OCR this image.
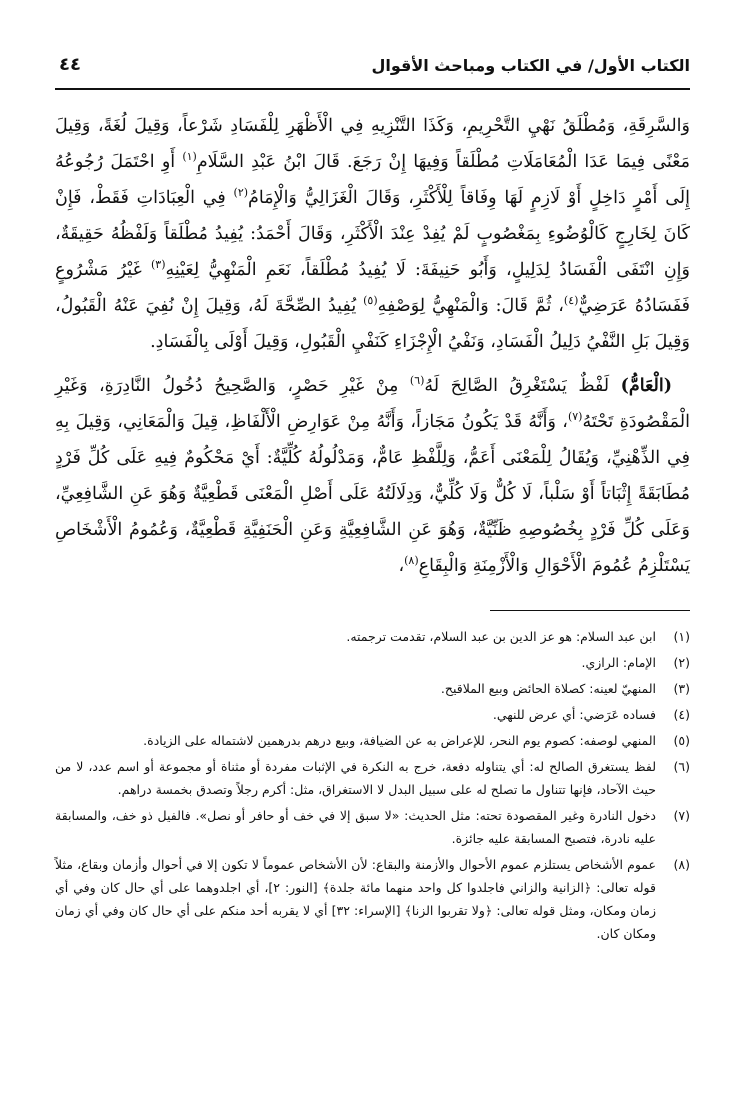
الكتاب الأول/ في الكتاب ومباحث الأقوال
٤٤

وَالسَّرِقَةِ، وَمُطْلَقُ نَهْيِ التَّحْرِيمِ، وَكَذَا التَّنْزِيهِ فِي الْأَظْهَرِ لِلْفَسَادِ شَرْعاً، وَقِيلَ لُغَةً، وَقِيلَ مَعْنًى فِيمَا عَدَا الْمُعَامَلَاتِ مُطْلَقاً وَفِيهَا إِنْ رَجَعَ. قَالَ ابْنُ عَبْدِ السَّلَامِ$^{(١)}$ أَوِ احْتَمَلَ رُجُوعُهُ إِلَى أَمْرٍ دَاخِلٍ أَوْ لَازِمٍ لَهَا وِفَاقاً لِلْأَكْثَرِ، وَقَالَ الْغَزَالِيُّ وَالْإِمَامُ$^{(٢)}$ فِي الْعِبَادَاتِ فَقَطْ، فَإِنْ كَانَ لِخَارِجٍ كَالْوُضُوءِ بِمَغْصُوبٍ لَمْ يُفِدْ عِنْدَ الْأَكْثَرِ، وَقَالَ أَحْمَدُ: يُفِيدُ مُطْلَقاً وَلَفْظُهُ حَقِيقَةٌ، وَإِنِ انْتَفَى الْفَسَادُ لِدَلِيلٍ، وَأَبُو حَنِيفَةَ: لَا يُفِيدُ مُطْلَقاً، نَعَمِ الْمَنْهِيُّ لِعَيْنِهِ$^{(٣)}$ غَيْرُ مَشْرُوعٍ فَفَسَادُهُ عَرَضِيٌّ$^{(٤)}$، ثُمَّ قَالَ: وَالْمَنْهِيُّ لِوَصْفِهِ$^{(٥)}$ يُفِيدُ الصِّحَّةَ لَهُ، وَقِيلَ إِنْ نُفِيَ عَنْهُ الْقَبُولُ، وَقِيلَ بَلِ النَّفْيُ دَلِيلُ الْفَسَادِ، وَنَفْيُ الْإِجْزَاءِ كَنَفْيِ الْقَبُولِ، وَقِيلَ أَوْلَى بِالْفَسَادِ.

(الْعَامُّ) لَفْظٌ يَسْتَغْرِقُ الصَّالِحَ لَهُ$^{(٦)}$ مِنْ غَيْرِ حَصْرٍ، وَالصَّحِيحُ دُخُولُ النَّادِرَةِ، وَغَيْرِ الْمَقْصُودَةِ تَحْتَهُ$^{(٧)}$، وَأَنَّهُ قَدْ يَكُونُ مَجَازاً، وَأَنَّهُ مِنْ عَوَارِضِ الْأَلْفَاظِ، قِيلَ وَالْمَعَانِي، وَقِيلَ بِهِ فِي الذِّهْنِيِّ، وَيُقَالُ لِلْمَعْنَى أَعَمُّ، وَلِلَّفْظِ عَامٌّ، وَمَدْلُولُهُ كُلِّيَّةٌ: أَيْ مَحْكُومٌ فِيهِ عَلَى كُلِّ فَرْدٍ مُطَابَقَةً إِثْبَاتاً أَوْ سَلْباً، لَا كُلٌّ وَلَا كُلِّيٌّ، وَدِلَالَتُهُ عَلَى أَصْلِ الْمَعْنَى قَطْعِيَّةٌ وَهُوَ عَنِ الشَّافِعِيِّ، وَعَلَى كُلِّ فَرْدٍ بِخُصُوصِهِ ظَنِّيَّةٌ، وَهُوَ عَنِ الشَّافِعِيَّةِ وَعَنِ الْحَنَفِيَّةِ قَطْعِيَّةٌ، وَعُمُومُ الْأَشْخَاصِ يَسْتَلْزِمُ عُمُومَ الْأَحْوَالِ وَالْأَزْمِنَةِ وَالْبِقَاعِ$^{(٨)}$،

(١)
ابن عبد السلام: هو عز الدين بن عبد السلام، تقدمت ترجمته.
(٢)
الإمام: الرازي.
(٣)
المنهيّ لعينه: كصلاة الحائض وبيع الملاقيح.
(٤)
فساده عَرَضي: أي عرض للنهي.
(٥)
المنهي لوصفه: كصوم يوم النحر، للإعراض به عن الضيافة، وبيع درهم بدرهمين لاشتماله على الزيادة.
(٦)
لفظ يستغرق الصالح له: أي يتناوله دفعة، خرج به النكرة في الإثبات مفردة أو مثناة أو مجموعة أو اسم عدد، لا من حيث الآحاد، فإنها تتناول ما تصلح له على سبيل البدل لا الاستغراق، مثل: أكرم رجلاً وتصدق بخمسة دراهم.
(٧)
دخول النادرة وغير المقصودة تحته: مثل الحديث: «لا سبق إلا في خف أو حافر أو نصل». فالفيل ذو خف، والمسابقة عليه نادرة، فتصبح المسابقة عليه جائزة.
(٨)
عموم الأشخاص يستلزم عموم الأحوال والأزمنة والبقاع: لأن الأشخاص عموماً لا تكون إلا في أحوال وأزمان وبقاع، مثلاً قوله تعالى: ﴿الزانية والزاني فاجلدوا كل واحد منهما مائة جلدة﴾ [النور: ٢]، أي اجلدوهما على أي حال كان وفي أي زمان ومكان، ومثل قوله تعالى: ﴿ولا تقربوا الزنا﴾ [الإسراء: ٣٢] أي لا يقربه أحد منكم على أي حال كان وفي أي زمان ومكان كان.
